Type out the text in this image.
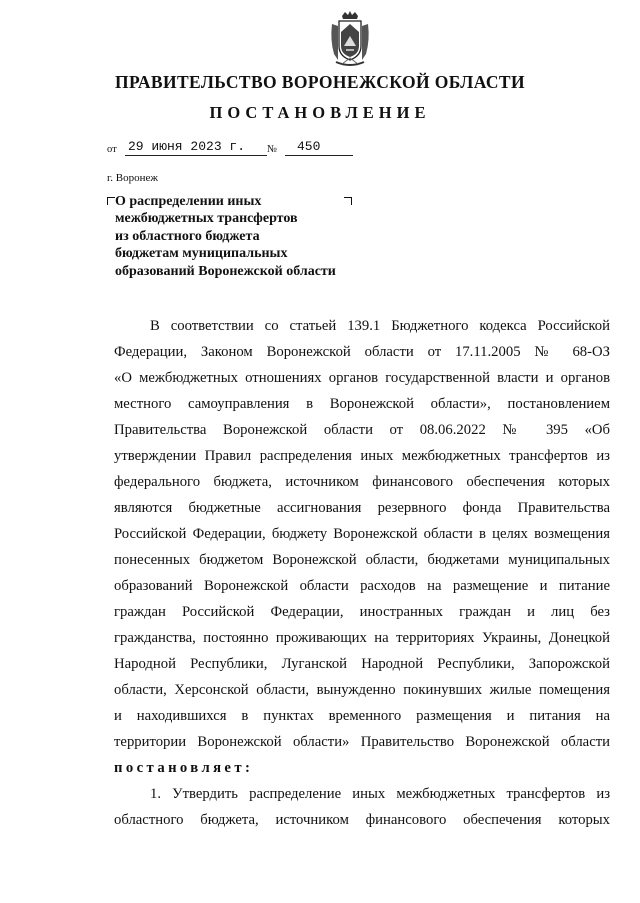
ПРАВИТЕЛЬСТВО ВОРОНЕЖСКОЙ ОБЛАСТИ
ПОСТАНОВЛЕНИЕ
от 29 июня 2023 г. № 450
г. Воронеж
О распределении иных
межбюджетных трансфертов
из областного бюджета
бюджетам муниципальных
образований Воронежской области
В соответствии со статьей 139.1 Бюджетного кодекса Российской
Федерации, Законом Воронежской области от 17.11.2005 № 68-ОЗ
«О межбюджетных отношениях органов государственной власти и органов
местного самоуправления в Воронежской области», постановлением
Правительства Воронежской области от 08.06.2022 № 395 «Об
утверждении Правил распределения иных межбюджетных трансфертов из
федерального бюджета, источником финансового обеспечения которых
являются бюджетные ассигнования резервного фонда Правительства
Российской Федерации, бюджету Воронежской области в целях возмещения
понесенных бюджетом Воронежской области, бюджетами муниципальных
образований Воронежской области расходов на размещение и питание
граждан Российской Федерации, иностранных граждан и лиц без
гражданства, постоянно проживающих на территориях Украины, Донецкой
Народной Республики, Луганской Народной Республики, Запорожской
области, Херсонской области, вынужденно покинувших жилые помещения
и находившихся в пунктах временного размещения и питания на
территории Воронежской области» Правительство Воронежской области
постановляет:
1. Утвердить распределение иных межбюджетных трансфертов из
областного бюджета, источником финансового обеспечения которых
